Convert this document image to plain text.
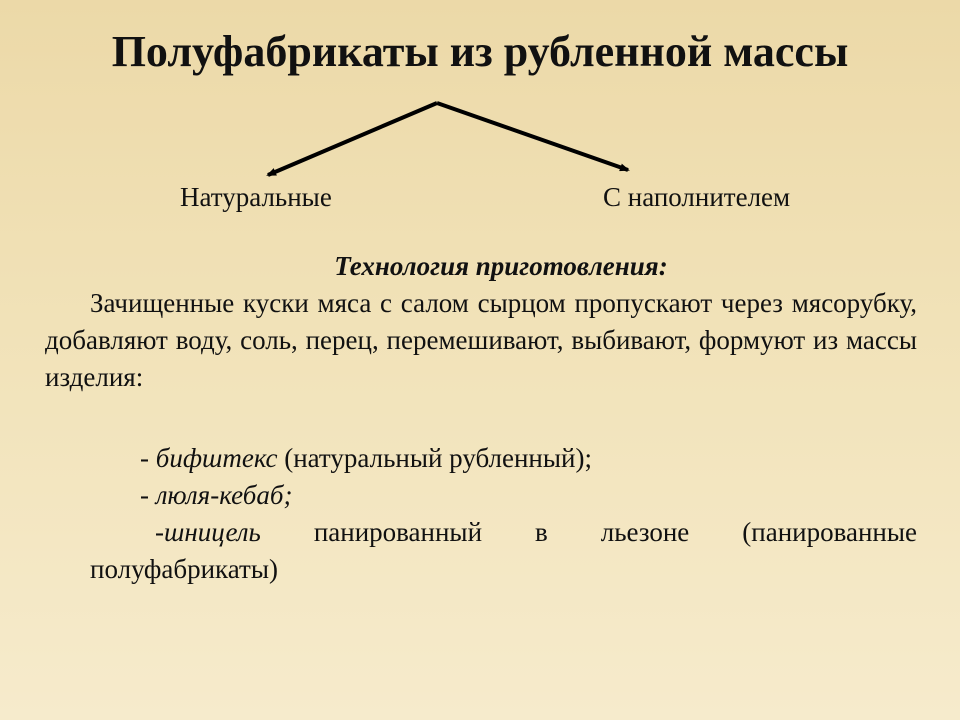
Полуфабрикаты из рубленной массы
Натуральные	С наполнителем
Технология приготовления:

Зачищенные куски мяса с салом сырцом пропускают через мясорубку, добавляют воду, соль, перец, перемешивают, выбивают, формуют из массы изделия:

- бифштекс (натуральный рубленный);
- люля-кебаб;
-шницель панированный в льезоне (панированные полуфабрикаты)
